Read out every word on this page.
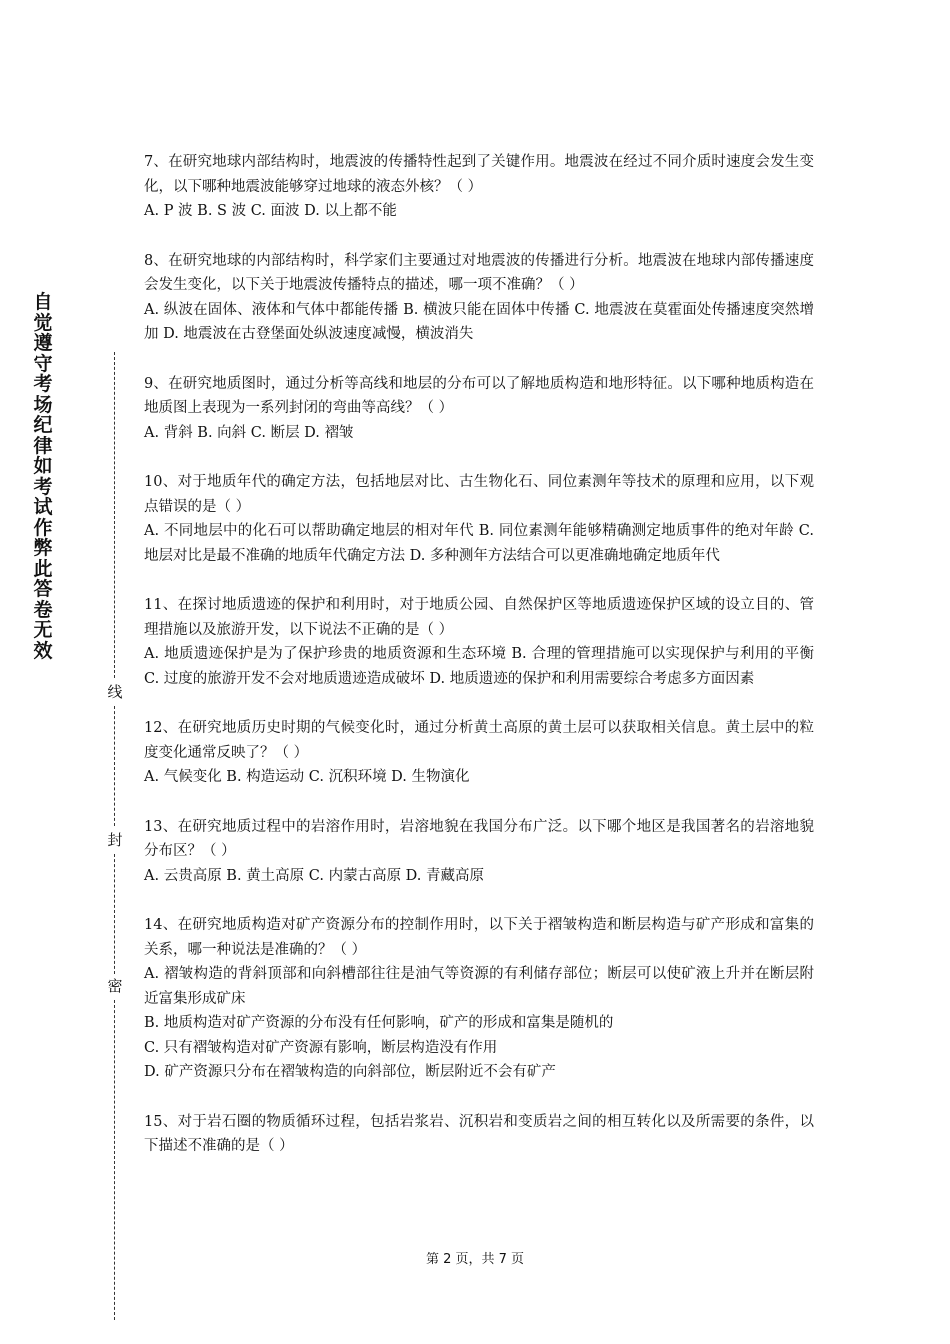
自觉遵守考场纪律如考试作弊此答卷无效
线
封
密

7、在研究地球内部结构时，地震波的传播特性起到了关键作用。地震波在经过不同介质时速度会发生变化，以下哪种地震波能够穿过地球的液态外核？（ ）

A. P 波 B. S 波 C. 面波 D. 以上都不能

8、在研究地球的内部结构时，科学家们主要通过对地震波的传播进行分析。地震波在地球内部传播速度会发生变化，以下关于地震波传播特点的描述，哪一项不准确？（ ）

A. 纵波在固体、液体和气体中都能传播 B. 横波只能在固体中传播 C. 地震波在莫霍面处传播速度突然增加 D. 地震波在古登堡面处纵波速度减慢，横波消失

9、在研究地质图时，通过分析等高线和地层的分布可以了解地质构造和地形特征。以下哪种地质构造在地质图上表现为一系列封闭的弯曲等高线？（ ）

A. 背斜 B. 向斜 C. 断层 D. 褶皱

10、对于地质年代的确定方法，包括地层对比、古生物化石、同位素测年等技术的原理和应用，以下观点错误的是（ ）

A. 不同地层中的化石可以帮助确定地层的相对年代 B. 同位素测年能够精确测定地质事件的绝对年龄 C. 地层对比是最不准确的地质年代确定方法 D. 多种测年方法结合可以更准确地确定地质年代

11、在探讨地质遗迹的保护和利用时，对于地质公园、自然保护区等地质遗迹保护区域的设立目的、管理措施以及旅游开发，以下说法不正确的是（ ）

A. 地质遗迹保护是为了保护珍贵的地质资源和生态环境 B. 合理的管理措施可以实现保护与利用的平衡 C. 过度的旅游开发不会对地质遗迹造成破坏 D. 地质遗迹的保护和利用需要综合考虑多方面因素

12、在研究地质历史时期的气候变化时，通过分析黄土高原的黄土层可以获取相关信息。黄土层中的粒度变化通常反映了？（ ）

A. 气候变化 B. 构造运动 C. 沉积环境 D. 生物演化

13、在研究地质过程中的岩溶作用时，岩溶地貌在我国分布广泛。以下哪个地区是我国著名的岩溶地貌分布区？（ ）

A. 云贵高原 B. 黄土高原 C. 内蒙古高原 D. 青藏高原

14、在研究地质构造对矿产资源分布的控制作用时，以下关于褶皱构造和断层构造与矿产形成和富集的关系，哪一种说法是准确的？（ ）

A. 褶皱构造的背斜顶部和向斜槽部往往是油气等资源的有利储存部位；断层可以使矿液上升并在断层附近富集形成矿床

B. 地质构造对矿产资源的分布没有任何影响，矿产的形成和富集是随机的

C. 只有褶皱构造对矿产资源有影响，断层构造没有作用

D. 矿产资源只分布在褶皱构造的向斜部位，断层附近不会有矿产

15、对于岩石圈的物质循环过程，包括岩浆岩、沉积岩和变质岩之间的相互转化以及所需要的条件，以下描述不准确的是（ ）

第 2 页，共 7 页
